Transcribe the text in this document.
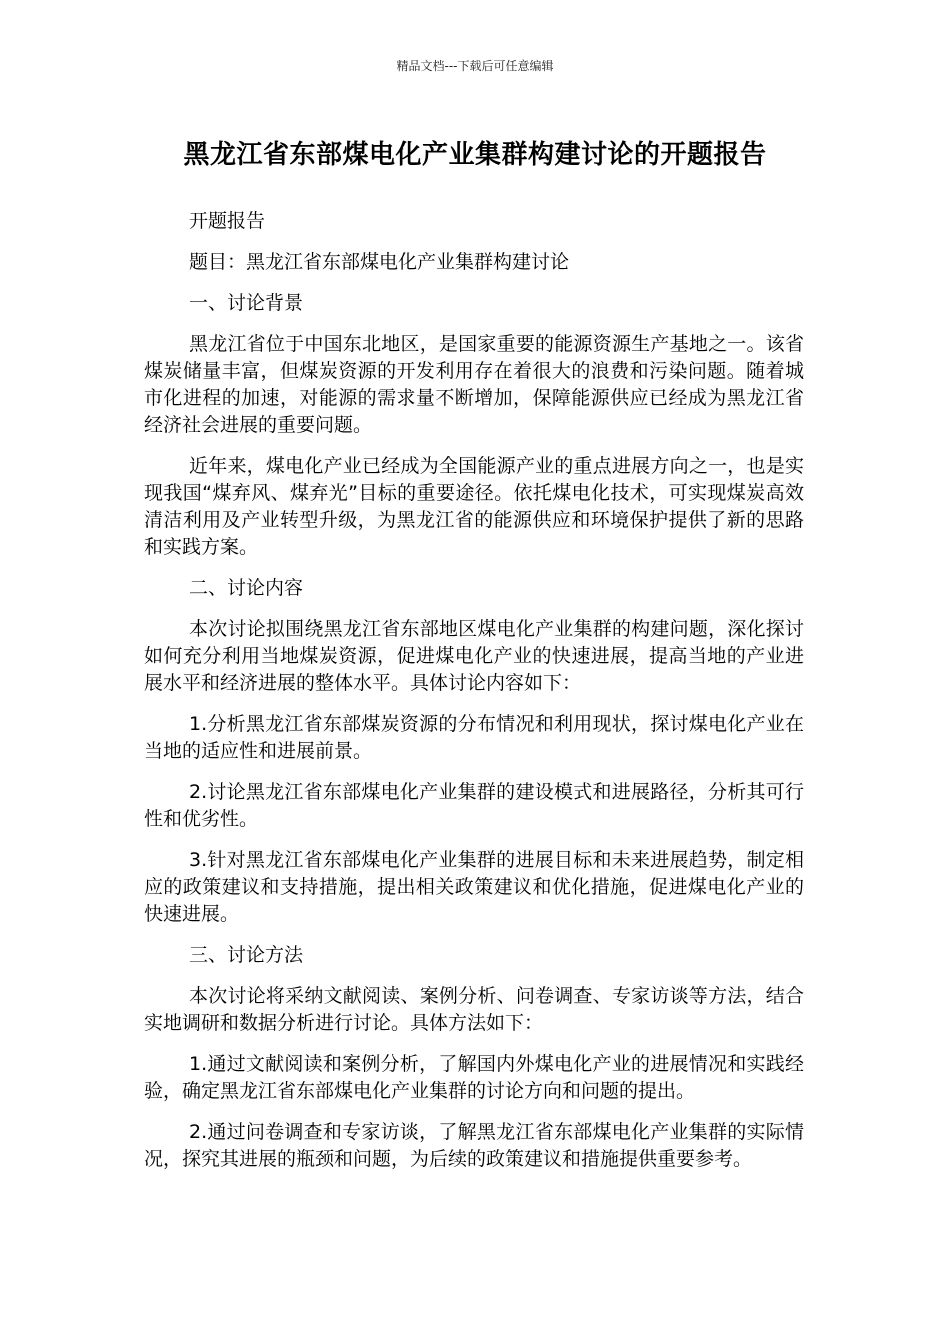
精品文档---下载后可任意编辑
黑龙江省东部煤电化产业集群构建讨论的开题报告

开题报告

题目：黑龙江省东部煤电化产业集群构建讨论

一、讨论背景

黑龙江省位于中国东北地区，是国家重要的能源资源生产基地之一。该省煤炭储量丰富，但煤炭资源的开发利用存在着很大的浪费和污染问题。随着城市化进程的加速，对能源的需求量不断增加，保障能源供应已经成为黑龙江省经济社会进展的重要问题。

近年来，煤电化产业已经成为全国能源产业的重点进展方向之一，也是实现我国“煤弃风、煤弃光”目标的重要途径。依托煤电化技术，可实现煤炭高效清洁利用及产业转型升级，为黑龙江省的能源供应和环境保护提供了新的思路和实践方案。

二、讨论内容

本次讨论拟围绕黑龙江省东部地区煤电化产业集群的构建问题，深化探讨如何充分利用当地煤炭资源，促进煤电化产业的快速进展，提高当地的产业进展水平和经济进展的整体水平。具体讨论内容如下：

1.分析黑龙江省东部煤炭资源的分布情况和利用现状，探讨煤电化产业在当地的适应性和进展前景。

2.讨论黑龙江省东部煤电化产业集群的建设模式和进展路径，分析其可行性和优劣性。

3.针对黑龙江省东部煤电化产业集群的进展目标和未来进展趋势，制定相应的政策建议和支持措施，提出相关政策建议和优化措施，促进煤电化产业的快速进展。

三、讨论方法

本次讨论将采纳文献阅读、案例分析、问卷调查、专家访谈等方法，结合实地调研和数据分析进行讨论。具体方法如下：

1.通过文献阅读和案例分析，了解国内外煤电化产业的进展情况和实践经验，确定黑龙江省东部煤电化产业集群的讨论方向和问题的提出。

2.通过问卷调查和专家访谈，了解黑龙江省东部煤电化产业集群的实际情况，探究其进展的瓶颈和问题，为后续的政策建议和措施提供重要参考。
